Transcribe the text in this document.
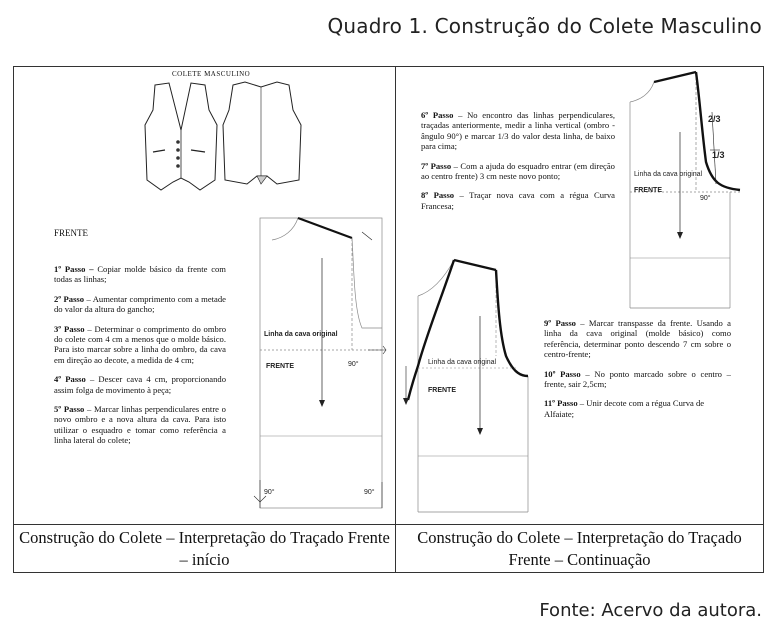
Quadro 1. Construção do Colete Masculino
COLETE MASCULINO
FRENTE

1º Passo – Copiar molde básico da frente com todas as linhas;

2º Passo – Aumentar comprimento com a metade do valor da altura do gancho;

3º Passo – Determinar o comprimento do ombro do colete com 4 cm a menos que o molde básico. Para isto marcar sobre a linha do ombro, da cava em direção ao decote, a medida de 4 cm;

4º Passo – Descer cava 4 cm, proporcionando assim folga de movimento à peça;

5º Passo – Marcar linhas perpendiculares entre o novo ombro e a nova altura da cava. Para isto utilizar o esquadro e tomar como referência a linha lateral do colete;

Linha da cava original
FRENTE	90°
90°	90°
Construção do Colete – Interpretação do Traçado Frente – início

6º Passo – No encontro das linhas perpendiculares, traçadas anteriormente, medir a linha vertical (ombro - ângulo 90°) e marcar 1/3 do valor desta linha, de baixo para cima;

7º Passo – Com a ajuda do esquadro entrar (em direção ao centro frente) 3 cm neste novo ponto;

8º Passo – Traçar nova cava com a régua Curva Francesa;

2/3
1/3
Linha da cava original
FRENTE
90°
Linha da cava original
FRENTE

9º Passo – Marcar transpasse da frente. Usando a linha da cava original (molde básico) como referência, determinar ponto descendo 7 cm sobre o centro-frente;

10º Passo – No ponto marcado sobre o centro – frente, sair 2,5cm;

11º Passo – Unir decote com a régua Curva de Alfaiate;

Construção do Colete – Interpretação do Traçado Frente – Continuação
Fonte: Acervo da autora.
